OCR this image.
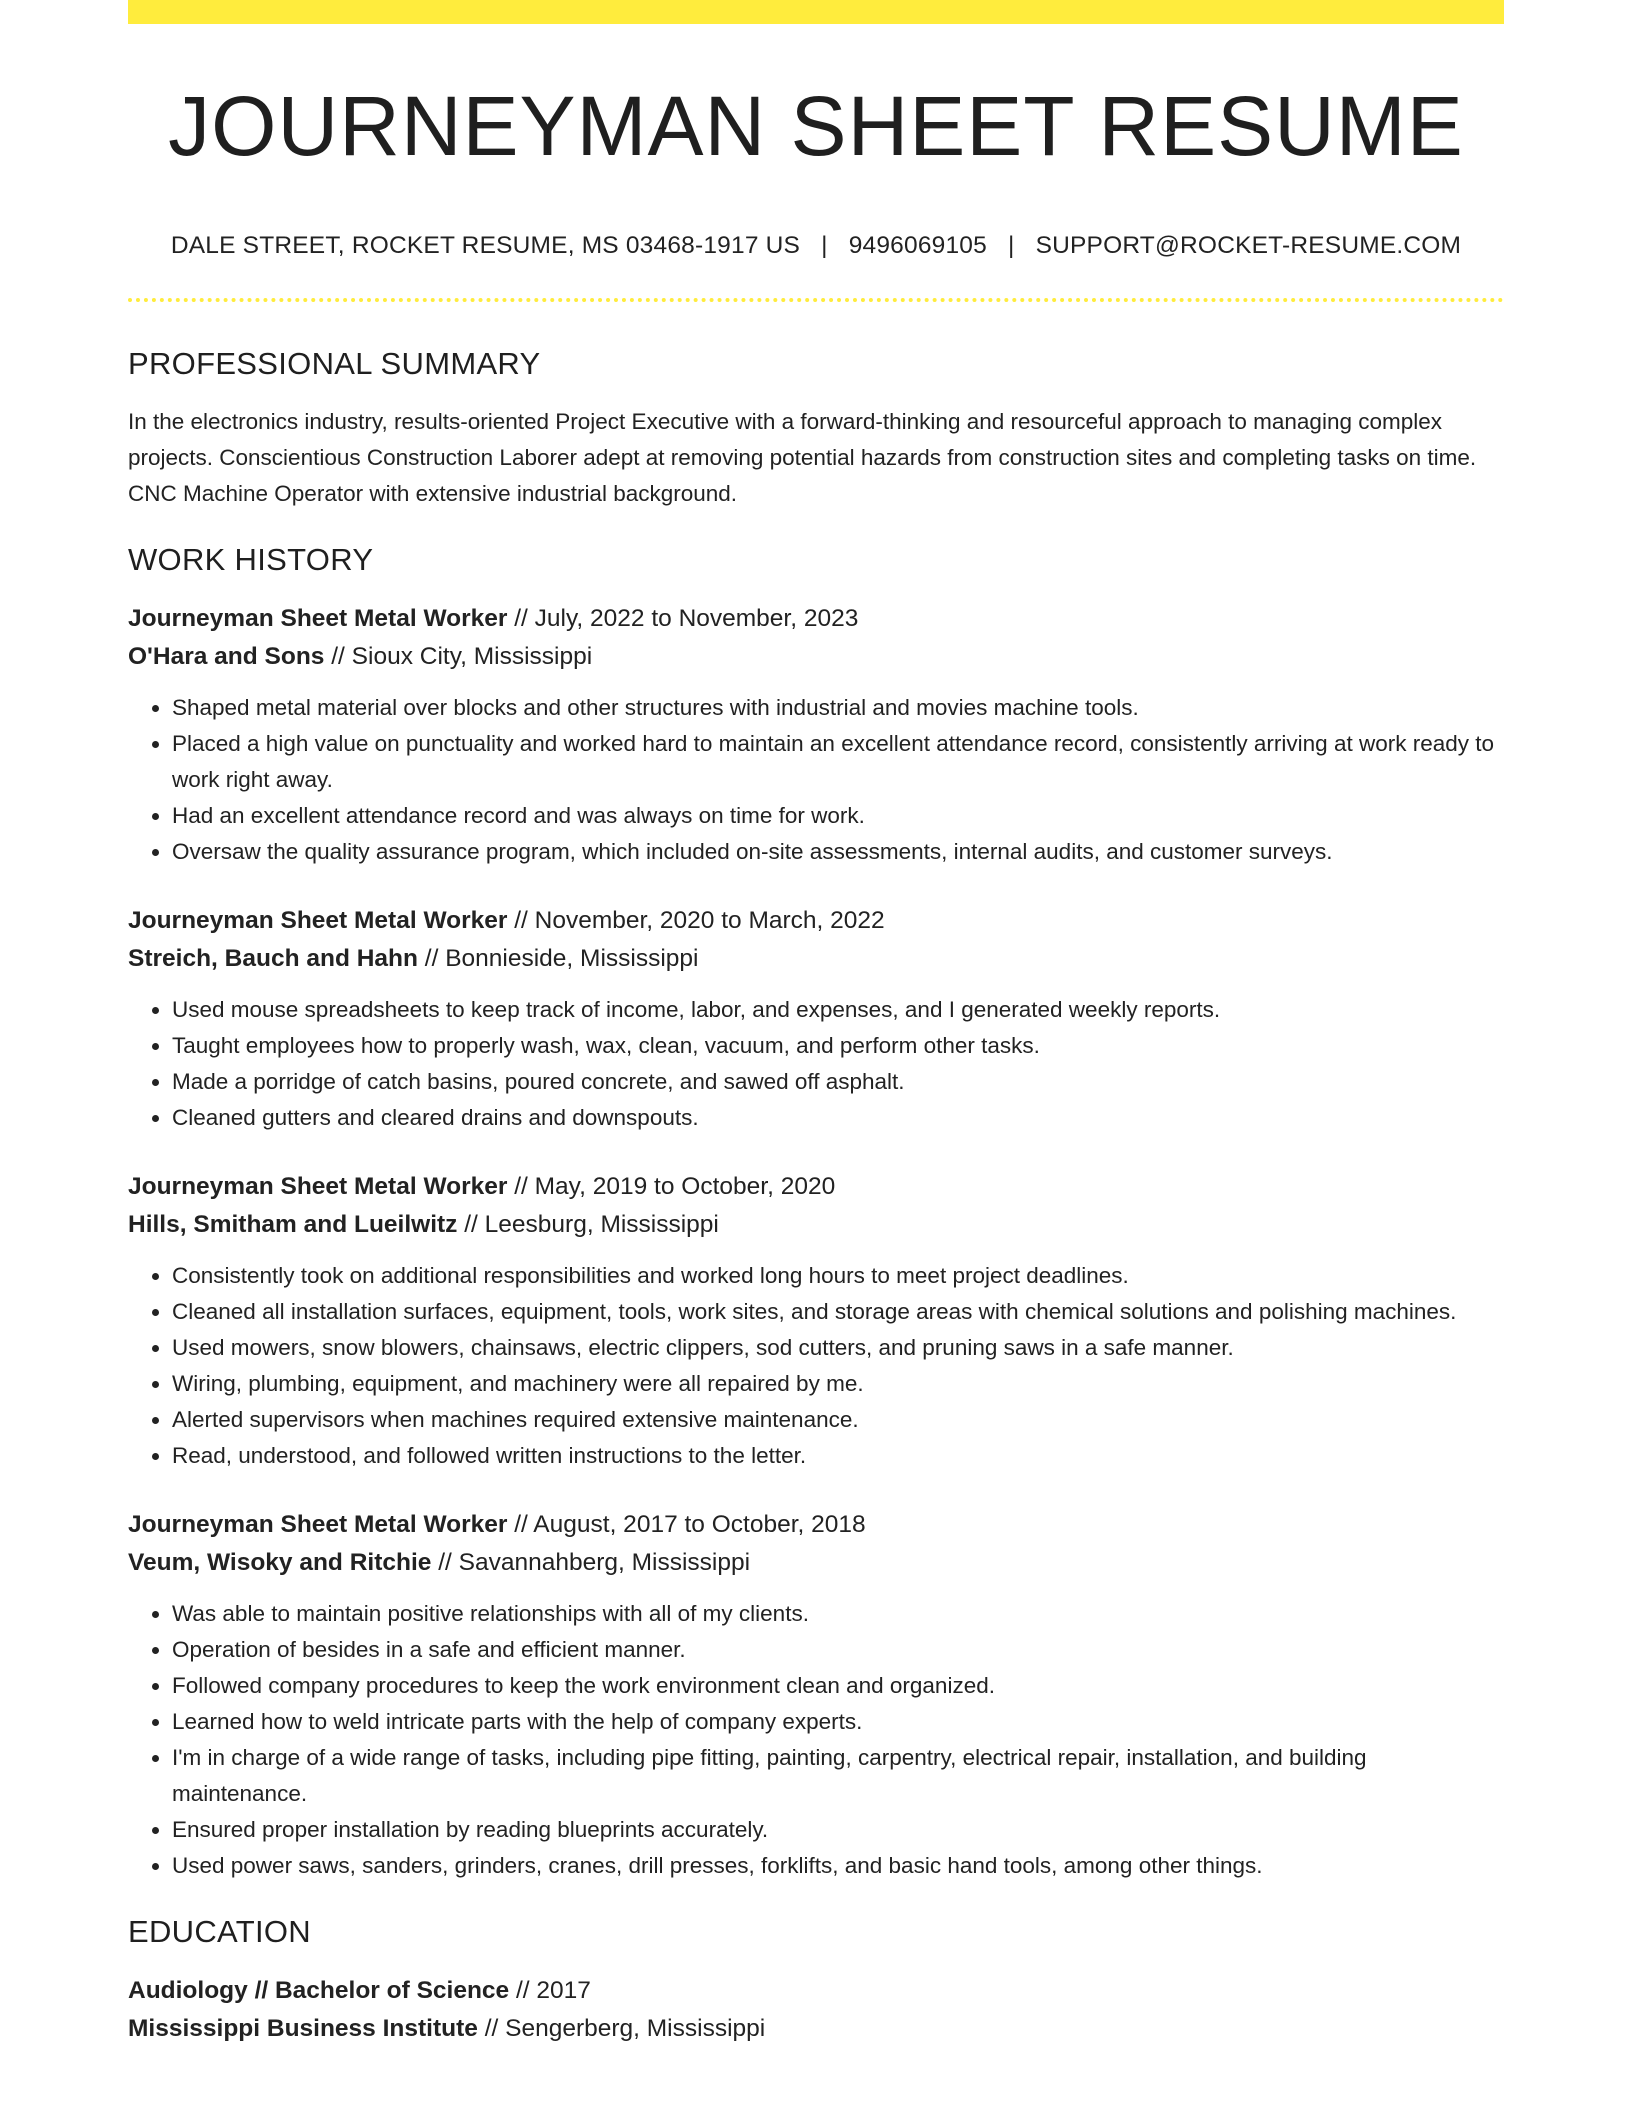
JOURNEYMAN SHEET RESUME
DALE STREET, ROCKET RESUME, MS 03468-1917 US | 9496069105 | SUPPORT@ROCKET-RESUME.COM
PROFESSIONAL SUMMARY
In the electronics industry, results-oriented Project Executive with a forward-thinking and resourceful approach to managing complex projects. Conscientious Construction Laborer adept at removing potential hazards from construction sites and completing tasks on time. CNC Machine Operator with extensive industrial background.
WORK HISTORY
Journeyman Sheet Metal Worker // July, 2022 to November, 2023
O'Hara and Sons // Sioux City, Mississippi
• Shaped metal material over blocks and other structures with industrial and movies machine tools.
• Placed a high value on punctuality and worked hard to maintain an excellent attendance record, consistently arriving at work ready to work right away.
• Had an excellent attendance record and was always on time for work.
• Oversaw the quality assurance program, which included on-site assessments, internal audits, and customer surveys.
Journeyman Sheet Metal Worker // November, 2020 to March, 2022
Streich, Bauch and Hahn // Bonnieside, Mississippi
• Used mouse spreadsheets to keep track of income, labor, and expenses, and I generated weekly reports.
• Taught employees how to properly wash, wax, clean, vacuum, and perform other tasks.
• Made a porridge of catch basins, poured concrete, and sawed off asphalt.
• Cleaned gutters and cleared drains and downspouts.
Journeyman Sheet Metal Worker // May, 2019 to October, 2020
Hills, Smitham and Lueilwitz // Leesburg, Mississippi
• Consistently took on additional responsibilities and worked long hours to meet project deadlines.
• Cleaned all installation surfaces, equipment, tools, work sites, and storage areas with chemical solutions and polishing machines.
• Used mowers, snow blowers, chainsaws, electric clippers, sod cutters, and pruning saws in a safe manner.
• Wiring, plumbing, equipment, and machinery were all repaired by me.
• Alerted supervisors when machines required extensive maintenance.
• Read, understood, and followed written instructions to the letter.
Journeyman Sheet Metal Worker // August, 2017 to October, 2018
Veum, Wisoky and Ritchie // Savannahberg, Mississippi
• Was able to maintain positive relationships with all of my clients.
• Operation of besides in a safe and efficient manner.
• Followed company procedures to keep the work environment clean and organized.
• Learned how to weld intricate parts with the help of company experts.
• I'm in charge of a wide range of tasks, including pipe fitting, painting, carpentry, electrical repair, installation, and building maintenance.
• Ensured proper installation by reading blueprints accurately.
• Used power saws, sanders, grinders, cranes, drill presses, forklifts, and basic hand tools, among other things.
EDUCATION
Audiology // Bachelor of Science // 2017
Mississippi Business Institute // Sengerberg, Mississippi
